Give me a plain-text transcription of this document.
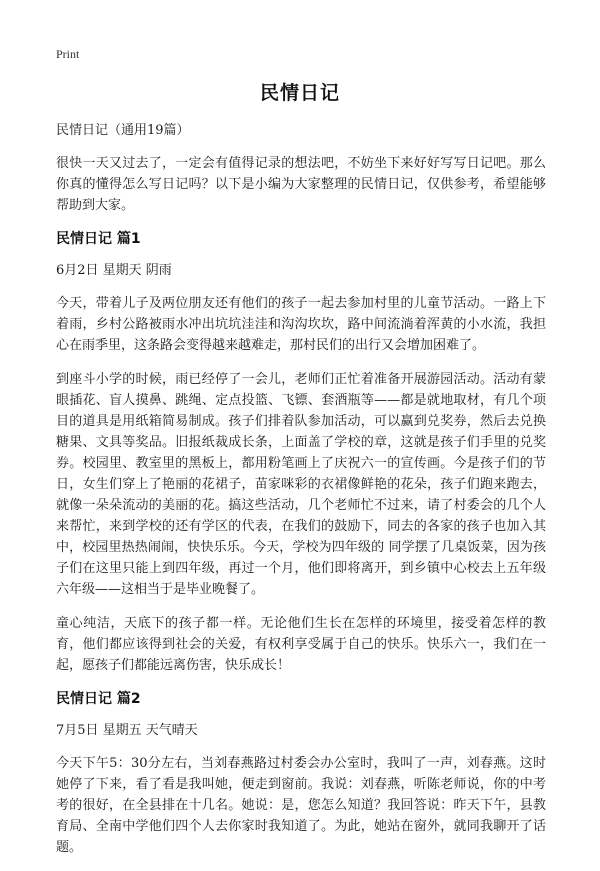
Print
民情日记

民情日记（通用19篇）

很快一天又过去了，一定会有值得记录的想法吧，不妨坐下来好好写写日记吧。那么你真的懂得怎么写日记吗？以下是小编为大家整理的民情日记，仅供参考，希望能够帮助到大家。

民情日记 篇1
6月2日 星期天 阴雨

今天，带着儿子及两位朋友还有他们的孩子一起去参加村里的儿童节活动。一路上下着雨，乡村公路被雨水冲出坑坑洼洼和沟沟坎坎，路中间流淌着浑黄的小水流，我担心在雨季里，这条路会变得越来越难走，那村民们的出行又会增加困难了。

到座斗小学的时候，雨已经停了一会儿，老师们正忙着准备开展游园活动。活动有蒙眼插花、盲人摸鼻、跳绳、定点投篮、飞镖、套酒瓶等——都是就地取材，有几个项目的道具是用纸箱简易制成。孩子们排着队参加活动，可以赢到兑奖券，然后去兑换糖果、文具等奖品。旧报纸裁成长条，上面盖了学校的章，这就是孩子们手里的兑奖券。校园里、教室里的黑板上，都用粉笔画上了庆祝六一的宣传画。今是孩子们的节日，女生们穿上了艳丽的花裙子，苗家咪彩的衣裙像鲜艳的花朵，孩子们跑来跑去，就像一朵朵流动的美丽的花。搞这些活动，几个老师忙不过来，请了村委会的几个人来帮忙，来到学校的还有学区的代表，在我们的鼓励下，同去的各家的孩子也加入其中，校园里热热闹闹，快快乐乐。今天，学校为四年级的 同学摆了几桌饭菜，因为孩子们在这里只能上到四年级，再过一个月，他们即将离开，到乡镇中心校去上五年级六年级——这相当于是毕业晚餐了。

童心纯洁，天底下的孩子都一样。无论他们生长在怎样的环境里，接受着怎样的教育，他们都应该得到社会的关爱，有权利享受属于自己的快乐。快乐六一，我们在一起，愿孩子们都能远离伤害，快乐成长！

民情日记 篇2
7月5日 星期五 天气晴天

今天下午5：30分左右，当刘春燕路过村委会办公室时，我叫了一声，刘春燕。这时她停了下来，看了看是我叫她，便走到窗前。我说：刘春燕，听陈老师说，你的中考考的很好，在全县排在十几名。她说：是，您怎么知道？我回答说：昨天下午，县教育局、全南中学他们四个人去你家时我知道了。为此，她站在窗外，就同我聊开了话题。
